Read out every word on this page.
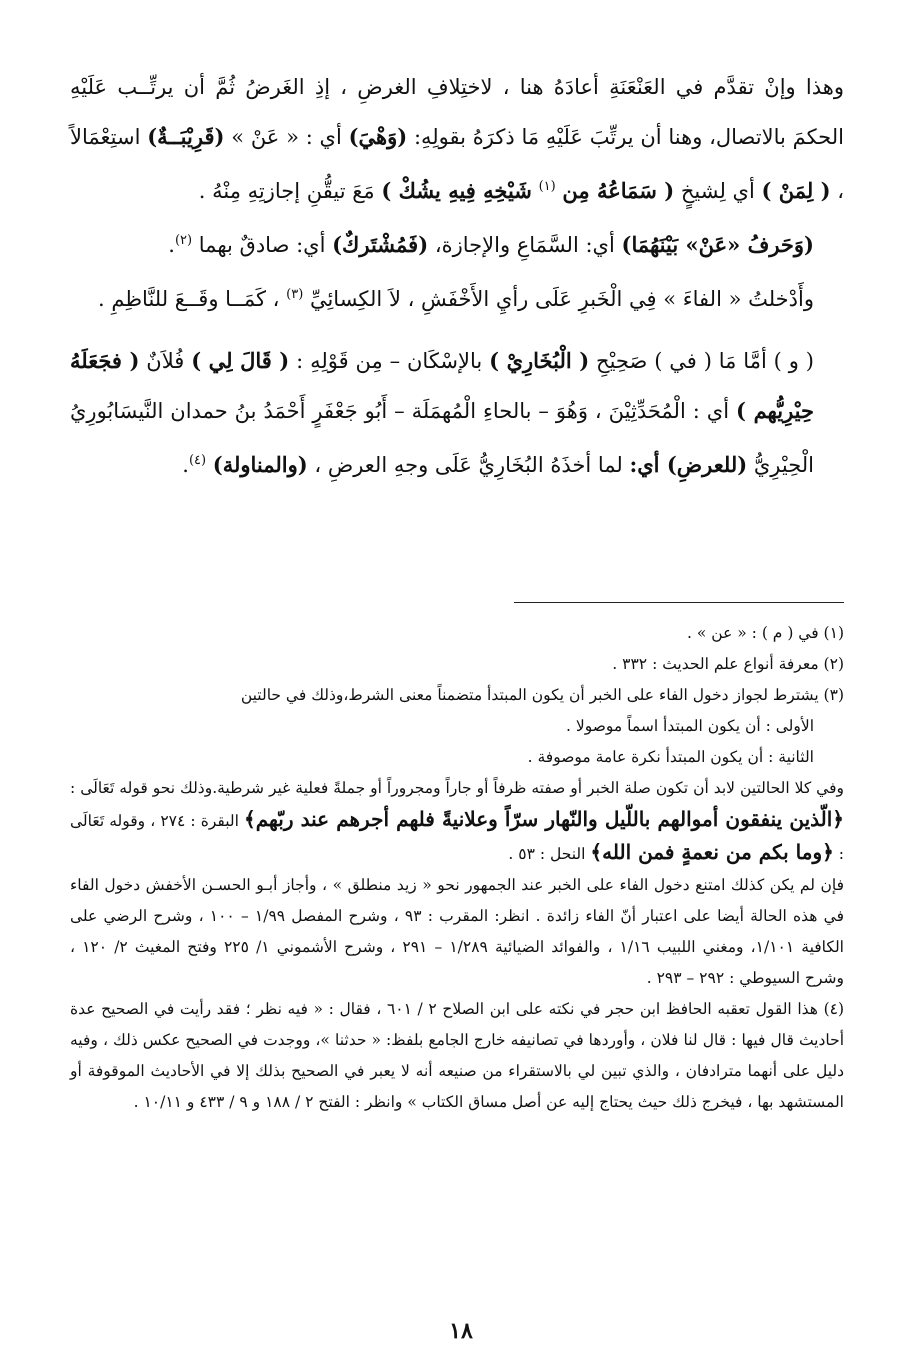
وهذا وإنْ تقدَّم في العَنْعَنَةِ أعادَهُ هنا ، لاختِلافِ الغرضِ ، إذِ الغَرضُ ثُمَّ أن يرتِّــب عَلَيْهِ الحكمَ بالاتصال، وهنا أن يرتِّبَ عَلَيْهِ مَا ذكرَهُ بقولِهِ: (وَهْيَ) أي : « عَنْ » (قَرِيْبَــةٌ) استِعْمَالاً ، ( لِمَنْ ) أي لِشيخٍ ( سَمَاعُهُ مِن $^{(١)}$ شَيْخِهِ فِيهِ يشُكْ ) مَعَ تيقُّنِ إجازتِهِ مِنْهُ .

(وَحَرفُ «عَنْ» بَيْنَهُمَا) أي: السَّمَاعِ والإجازة، (فَمُشْتَركٌ) أي: صادقٌ بهما $^{(٢)}$.

وأَدْخلتُ « الفاءَ » فِي الْخَبرِ عَلَى رأيِ الأَخْفَشِ ، لاَ الكِسائِيِّ $^{(٣)}$ ، كَمَــا وقَــعَ للنَّاظِمِ .

( و ) أمَّا مَا ( في ) صَحِيْحِ ( الْبُخَارِيْ ) بالإسْكَان – مِن قَوْلِهِ : ( قَالَ لِي ) فُلاَنٌ ( فجَعَلَهُ حِيْرِيُّهم ) أي : الْمُحَدِّثِيْنَ ، وَهُوَ – بالحاءِ الْمُهمَلَة – أَبُو جَعْفَرٍ أَحْمَدُ بنُ حمدان النَّيسَابُورِيُ الْحِيْرِيُّ (للعرضِ) أي: لما أخذَهُ البُخَارِيُّ عَلَى وجهِ العرضِ ، (والمناولة) $^{(٤)}$.

(١) في ( م ) : « عن » .

(٢) معرفة أنواع علم الحديث : ٣٣٢ .

(٣) يشترط لجواز دخول الفاء على الخبر أن يكون المبتدأ متضمناً معنى الشرط،وذلك في حالتين

الأولى : أن يكون المبتدأ اسماً موصولا .

الثانية : أن يكون المبتدأ نكرة عامة موصوفة .

وفي كلا الحالتين لابد أن تكون صلة الخبر أو صفته ظرفاً أو جاراً ومجروراً أو جملةً فعلية غير شرطية.وذلك نحو قوله تَعَالَى : ﴿الّذين ينفقون أموالهم باللّيل والنّهار سرّاً وعلانيةً فلهم أجرهم عند ربّهم﴾ البقرة : ٢٧٤ ، وقوله تَعَالَى : ﴿وما بكم من نعمةٍ فمن الله﴾ النحل : ٥٣ .

فإن لم يكن كذلك امتنع دخول الفاء على الخبر عند الجمهور نحو « زيد منطلق » ، وأجاز أبـو الحسـن الأخفش دخول الفاء في هذه الحالة أيضا على اعتبار أنّ الفاء زائدة . انظر: المقرب : ٩٣ ، وشرح المفصل ١/٩٩ – ١٠٠ ، وشرح الرضي على الكافية ١/١٠١، ومغني اللبيب ١/١٦ ، والفوائد الضيائية ١/٢٨٩ – ٢٩١ ، وشرح الأشموني ١/ ٢٢٥ وفتح المغيث ٢/ ١٢٠ ، وشرح السيوطي : ٢٩٢ – ٢٩٣ .

(٤) هذا القول تعقبه الحافظ ابن حجر في نكته على ابن الصلاح ٢ / ٦٠١ ، فقال : « فيه نظر ؛ فقد رأيت في الصحيح عدة أحاديث قال فيها : قال لنا فلان ، وأوردها في تصانيفه خارج الجامع بلفظ: « حدثنا »، ووجدت في الصحيح عكس ذلك ، وفيه دليل على أنهما مترادفان ، والذي تبين لي بالاستقراء من صنيعه أنه لا يعبر في الصحيح بذلك إلا في الأحاديث الموقوفة أو المستشهد بها ، فيخرج ذلك حيث يحتاج إليه عن أصل مساق الكتاب » وانظر : الفتح ٢ / ١٨٨ و ٩ / ٤٣٣ و ١٠/١١ .

١٨
